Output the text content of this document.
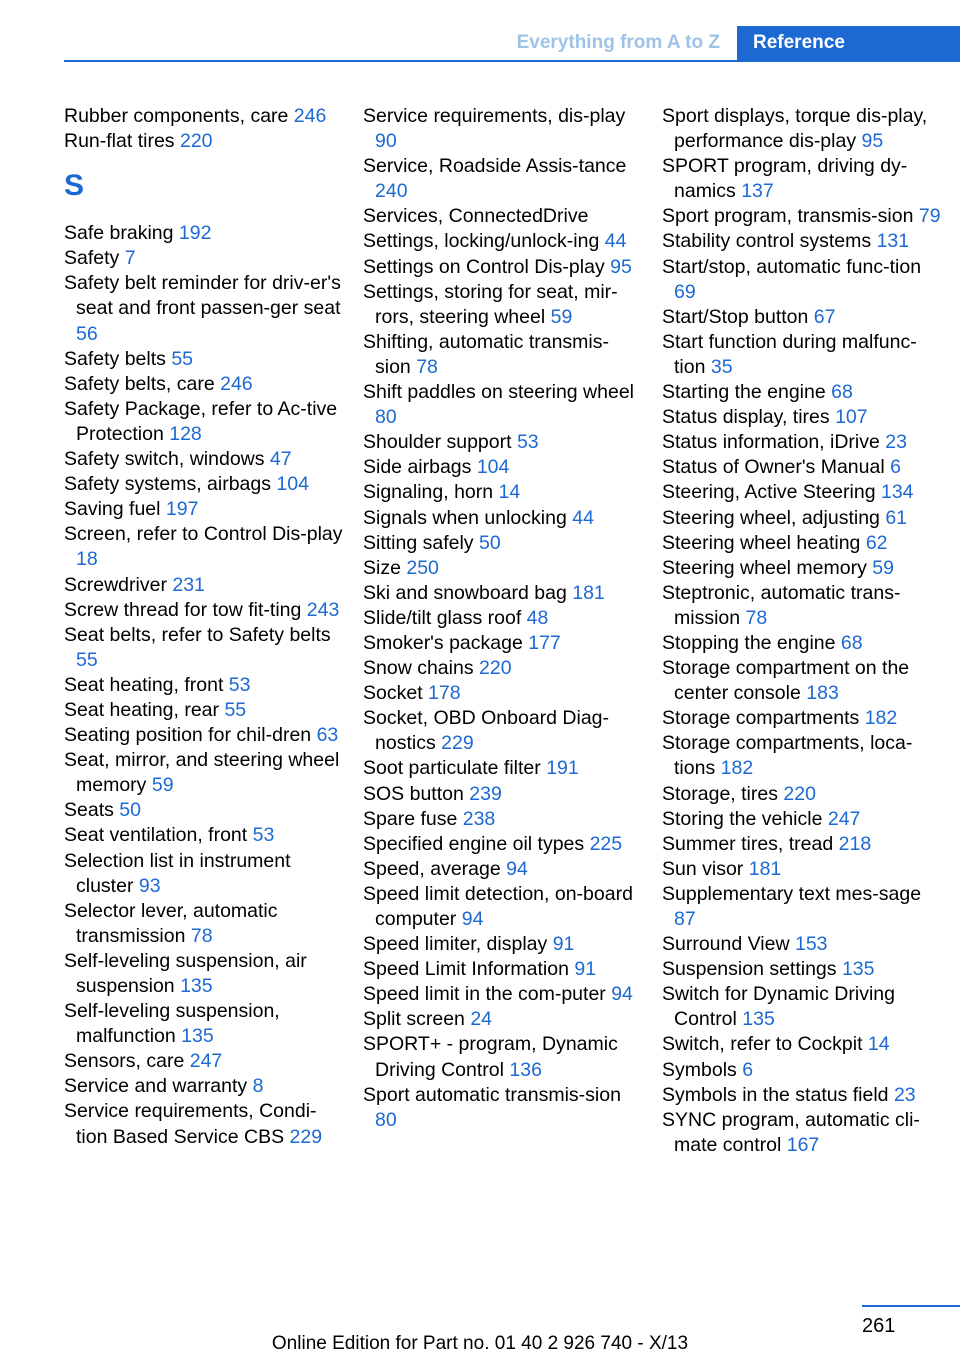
Everything from A to Z	Reference
Rubber components, care 246
Run-flat tires 220
S
Safe braking 192
Safety 7
Safety belt reminder for driv‐er's seat and front passen‐ger seat 56
Safety belts 55
Safety belts, care 246
Safety Package, refer to Ac‐tive Protection 128
Safety switch, windows 47
Safety systems, airbags 104
Saving fuel 197
Screen, refer to Control Dis‐play 18
Screwdriver 231
Screw thread for tow fit‐ting 243
Seat belts, refer to Safety belts 55
Seat heating, front 53
Seat heating, rear 55
Seating position for chil‐dren 63
Seat, mirror, and steering wheel memory 59
Seats 50
Seat ventilation, front 53
Selection list in instrument cluster 93
Selector lever, automatic transmission 78
Self-leveling suspension, air suspension 135
Self-leveling suspension, malfunction 135
Sensors, care 247
Service and warranty 8
Service requirements, Condi‐tion Based Service CBS 229
Service requirements, dis‐play 90
Service, Roadside Assis‐tance 240
Services, ConnectedDrive
Settings, locking/unlock‐ing 44
Settings on Control Dis‐play 95
Settings, storing for seat, mir‐rors, steering wheel 59
Shifting, automatic transmis‐sion 78
Shift paddles on steering wheel 80
Shoulder support 53
Side airbags 104
Signaling, horn 14
Signals when unlocking 44
Sitting safely 50
Size 250
Ski and snowboard bag 181
Slide/tilt glass roof 48
Smoker's package 177
Snow chains 220
Socket 178
Socket, OBD Onboard Diag‐nostics 229
Soot particulate filter 191
SOS button 239
Spare fuse 238
Specified engine oil types 225
Speed, average 94
Speed limit detection, on‐board computer 94
Speed limiter, display 91
Speed Limit Information 91
Speed limit in the com‐puter 94
Split screen 24
SPORT+ - program, Dynamic Driving Control 136
Sport automatic transmis‐sion 80
Sport displays, torque dis‐play, performance dis‐play 95
SPORT program, driving dy‐namics 137
Sport program, transmis‐sion 79
Stability control systems 131
Start/stop, automatic func‐tion 69
Start/Stop button 67
Start function during malfunc‐tion 35
Starting the engine 68
Status display, tires 107
Status information, iDrive 23
Status of Owner's Manual 6
Steering, Active Steering 134
Steering wheel, adjusting 61
Steering wheel heating 62
Steering wheel memory 59
Steptronic, automatic trans‐mission 78
Stopping the engine 68
Storage compartment on the center console 183
Storage compartments 182
Storage compartments, loca‐tions 182
Storage, tires 220
Storing the vehicle 247
Summer tires, tread 218
Sun visor 181
Supplementary text mes‐sage 87
Surround View 153
Suspension settings 135
Switch for Dynamic Driving Control 135
Switch, refer to Cockpit 14
Symbols 6
Symbols in the status field 23
SYNC program, automatic cli‐mate control 167
261
Online Edition for Part no. 01 40 2 926 740 - X/13
